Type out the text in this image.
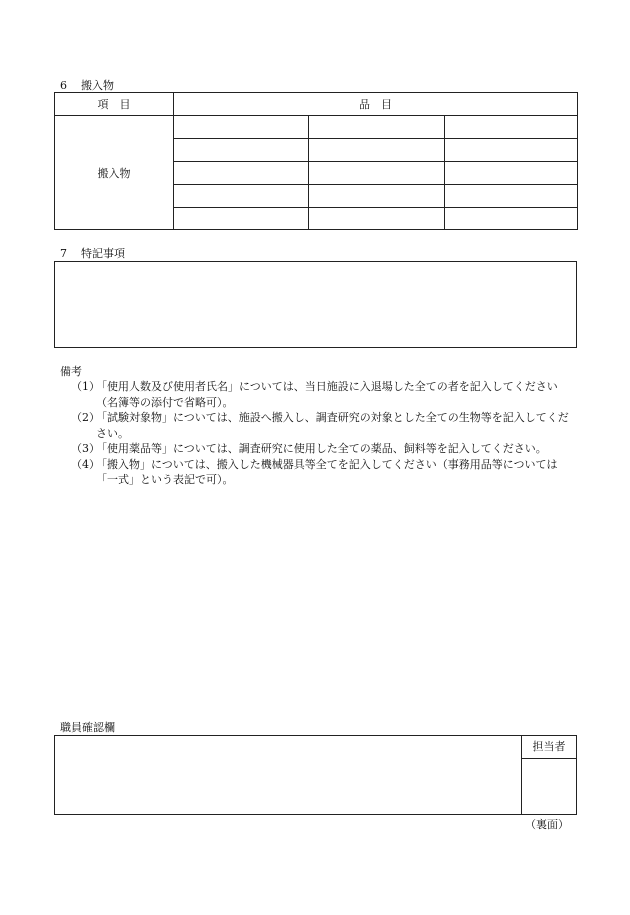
6 搬入物
項　目	品　目		
搬入物			

7 特記事項
備考
（1）
「使用人数及び使用者氏名」については、当日施設に入退場した全ての者を記入してください（名簿等の添付で省略可）。
（2）
「試験対象物」については、施設へ搬入し、調査研究の対象とした全ての生物等を記入してください。
（3）
「使用薬品等」については、調査研究に使用した全ての薬品、飼料等を記入してください。
（4）
「搬入物」については、搬入した機械器具等全てを記入してください（事務用品等については「一式」という表記で可）。
職員確認欄
担当者
（裏面）
